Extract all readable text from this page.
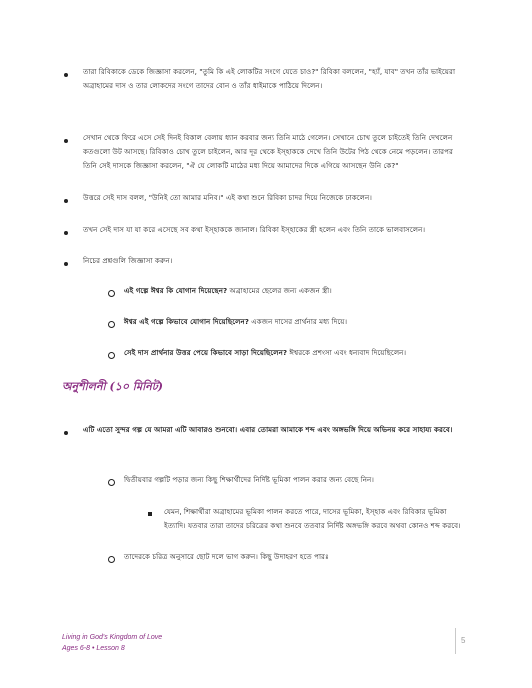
তারা রিবিকাকে ডেকে জিজ্ঞাসা করলেন, "তুমি কি এই লোকটির সংগে যেতে চাও?" রিবিকা বললেন, "হ্যাঁ, যাব" তখন তাঁর ভাইয়েরা অব্রাহামের দাস ও তার লোকদের সংগে তাদের বোন ও তাঁর ধাইমাকে পাঠিয়ে দিলেন।
সেখান থেকে ফিরে এসে সেই দিনই বিকাল বেলায় ধ্যান করবার জন্য তিনি মাঠে গেলেন। সেখানে চোখ তুলে চাইতেই তিনি দেখলেন কতগুলো উট আসছে। রিবিকাও চোখ তুলে চাইলেন, আর দূর থেকে ইস্‌হাককে দেখে তিনি উটের পিঠ থেকে নেমে পড়লেন। তারপর তিনি সেই দাসকে জিজ্ঞাসা করলেন, "ঐ যে লোকটি মাঠের মধ্য দিয়ে আমাদের দিকে এগিয়ে আসছেন উনি কে?"
উত্তরে সেই দাস বলল, "উনিই তো আমার মনিব।" এই কথা শুনে রিবিকা চাদর দিয়ে নিজেকে ঢাকলেন।
তখন সেই দাস যা যা করে এসেছে সব কথা ইস্‌হাককে জানাল। রিবিকা ইস্‌হাকের স্ত্রী হলেন এবং তিনি তাকে ভালবাসলেন।
নিচের প্রশ্নগুলি জিজ্ঞাসা করুন।
এই গল্পে ঈশ্বর কি যোগান দিয়েছেন? অব্রাহামের ছেলের জন্য একজন স্ত্রী।
ঈশ্বর এই গল্পে কিভাবে যোগান দিয়েছিলেন? একজন দাসের প্রার্থনার মধ্য দিয়ে।
সেই দাস প্রার্থনার উত্তর পেয়ে কিভাবে সাড়া দিয়েছিলেন? ঈশ্বরকে প্রশংসা এবং ধন্যবাদ দিয়েছিলেন।
অনুশীলনী (১০ মিনিট)
এটি এতো সুন্দর গল্প যে আমরা এটি আবারও শুনবো। এবার তোমরা আমাকে শব্দ এবং অঙ্গভঙ্গি দিয়ে অভিনয় করে সাহায্য করবে।
দ্বিতীয়বার গল্পটি পড়ার জন্য কিছু শিক্ষার্থীদের নির্দিষ্ট ভূমিকা পালন করার জন্য বেছে নিন।
যেমন, শিক্ষার্থীরা অব্রাহামের ভূমিকা পালন করতে পারে, দাসের ভূমিকা, ইস্‌হাক এবং রিবিকার ভূমিকা ইত্যাদি। যতবার তারা তাদের চরিত্রের কথা শুনবে ততবার নির্দিষ্ট অঙ্গভঙ্গি করবে অথবা কোনও শব্দ করবে।
তাদেরকে চরিত্র অনুসারে ছোট দলে ভাগ করুন। কিছু উদাহরণ হতে পারঃ
Living in God's Kingdom of Love
Ages 6-8 • Lesson 8
5
